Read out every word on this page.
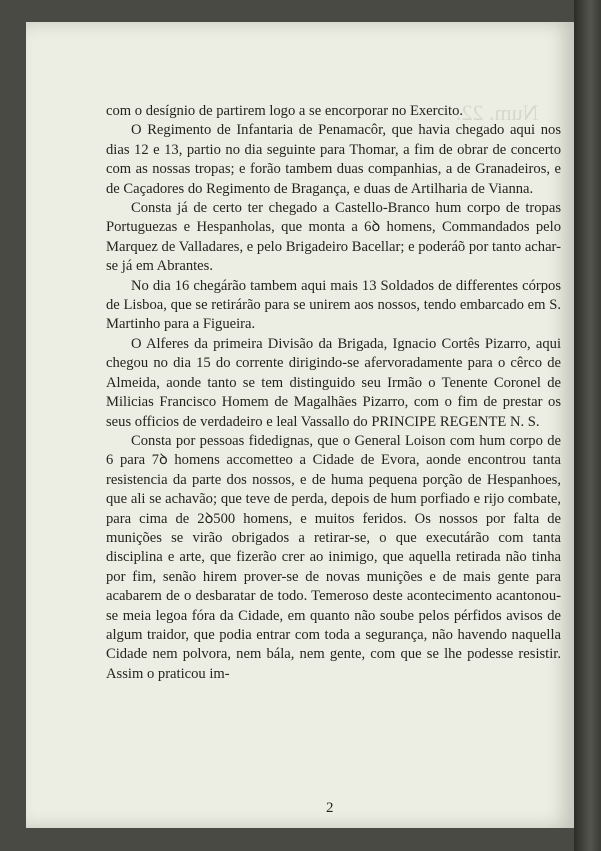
Num. 22.

com o desígnio de partirem logo a se encorporar no Exercito.

O Regimento de Infantaria de Penamacôr, que havia chegado aqui nos dias 12 e 13, partio no dia seguinte para Thomar, a fim de obrar de concerto com as nossas tropas; e forão tambem duas companhias, a de Granadeiros, e de Caçadores do Regimento de Bragança, e duas de Artilharia de Vianna.

Consta já de certo ter chegado a Castello-Branco hum corpo de tropas Portuguezas e Hespanholas, que monta a 6ꝺ homens, Commandados pelo Marquez de Valladares, e pelo Brigadeiro Bacellar; e poderáõ por tanto achar-se já em Abrantes.

No dia 16 chegárão tambem aqui mais 13 Soldados de differentes córpos de Lisboa, que se retirárão para se unirem aos nossos, tendo embarcado em S. Martinho para a Figueira.

O Alferes da primeira Divisão da Brigada, Ignacio Cortês Pizarro, aqui chegou no dia 15 do corrente dirigindo-se afervoradamente para o cêrco de Almeida, aonde tanto se tem distinguido seu Irmão o Tenente Coronel de Milicias Francisco Homem de Magalhães Pizarro, com o fim de prestar os seus officios de verdadeiro e leal Vassallo do PRINCIPE REGENTE N. S.

Consta por pessoas fidedignas, que o General Loison com hum corpo de 6 para 7ꝺ homens accometteo a Cidade de Evora, aonde encontrou tanta resistencia da parte dos nossos, e de huma pequena porção de Hespanhoes, que ali se achavão; que teve de perda, depois de hum porfiado e rijo combate, para cima de 2ꝺ500 homens, e muitos feridos. Os nossos por falta de munições se virão obrigados a retirar-se, o que executárão com tanta disciplina e arte, que fizerão crer ao inimigo, que aquella retirada não tinha por fim, senão hirem prover-se de novas munições e de mais gente para acabarem de o desbaratar de todo. Temeroso deste acontecimento acantonou-se meia legoa fóra da Cidade, em quanto não soube pelos pérfidos avisos de algum traidor, que podia entrar com toda a segurança, não havendo naquella Cidade nem polvora, nem bála, nem gente, com que se lhe podesse resistir. Assim o praticou im-

2
